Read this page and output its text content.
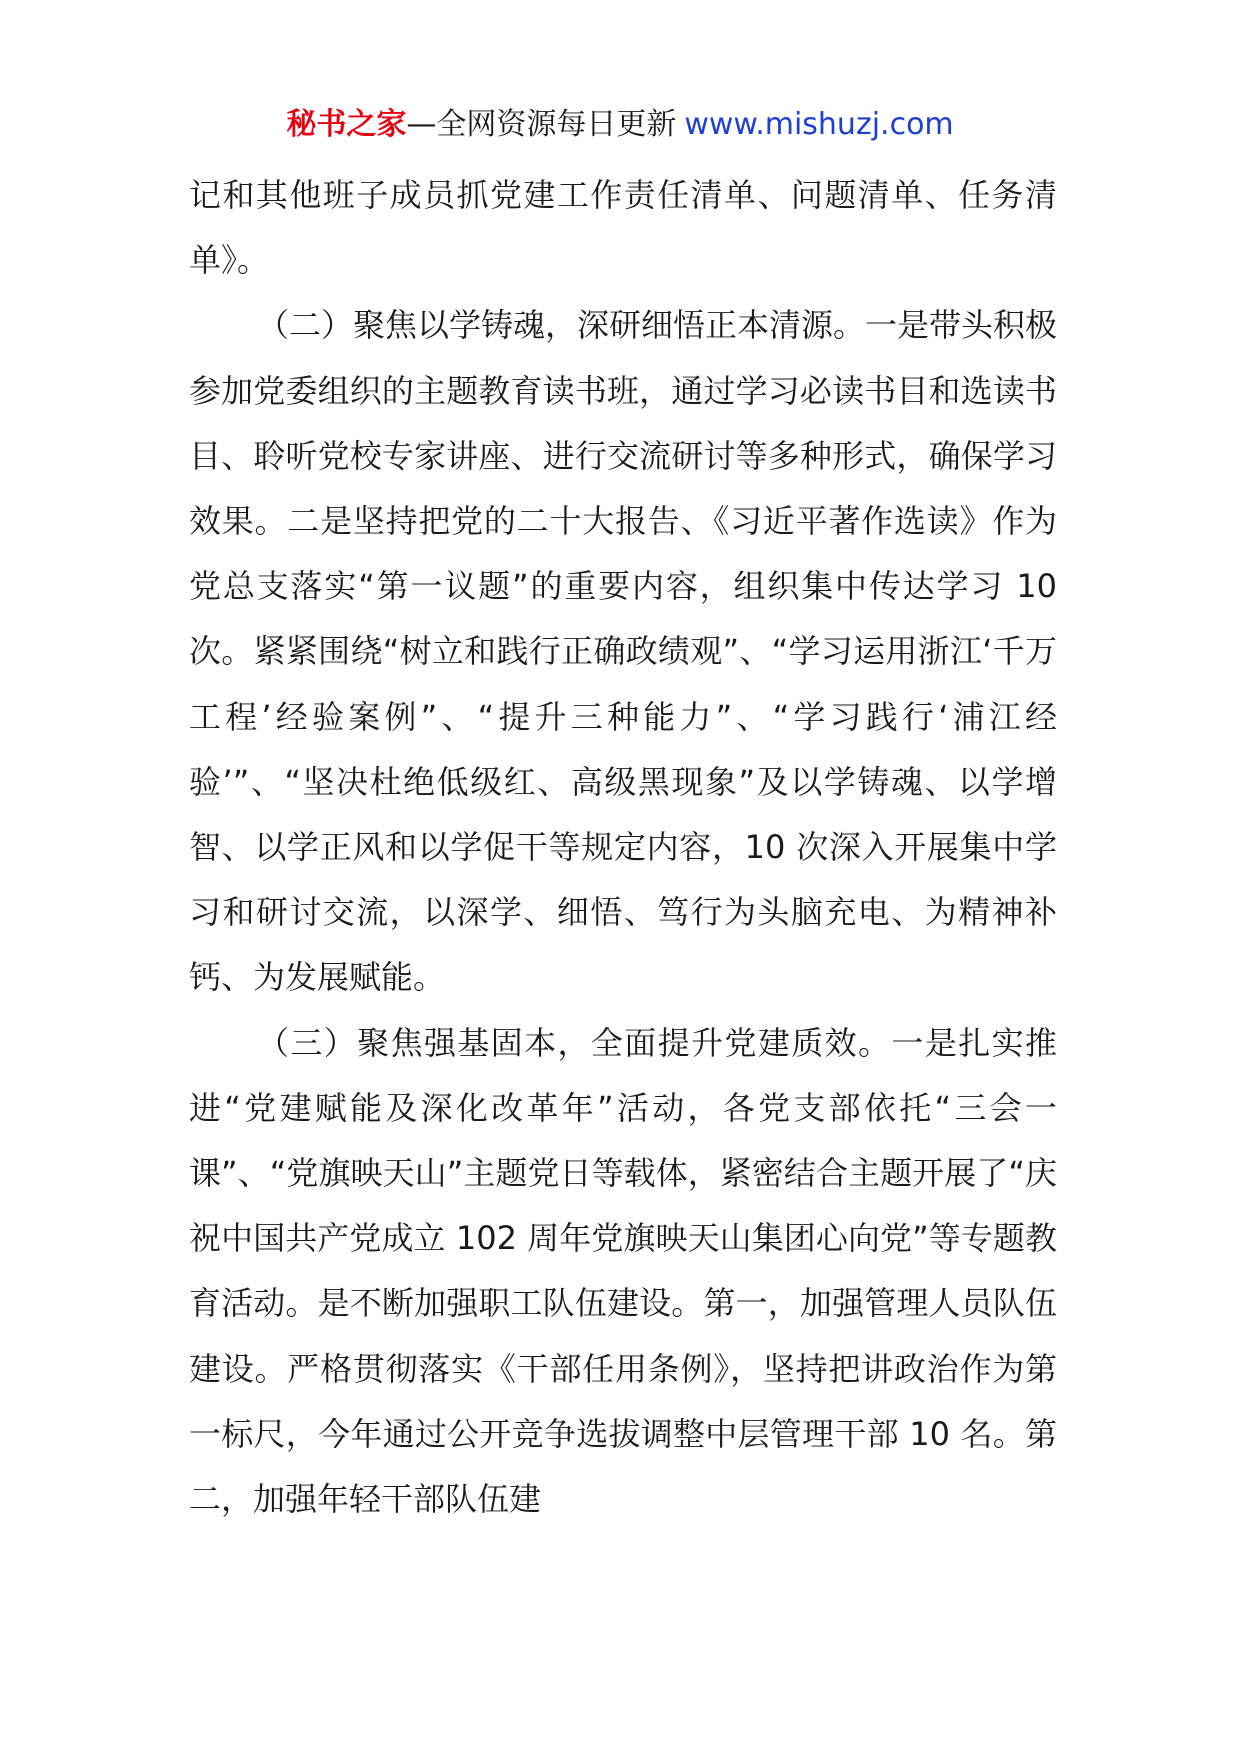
秘书之家—全网资源每日更新 www.mishuzj.com

记和其他班子成员抓党建工作责任清单、问题清单、任务清单》。

（二）聚焦以学铸魂，深研细悟正本清源。一是带头积极参加党委组织的主题教育读书班，通过学习必读书目和选读书目、聆听党校专家讲座、进行交流研讨等多种形式，确保学习效果。二是坚持把党的二十大报告、《习近平著作选读》作为党总支落实“第一议题”的重要内容，组织集中传达学习 10 次。紧紧围绕“树立和践行正确政绩观”、“学习运用浙江‘千万工程’经验案例”、“提升三种能力”、“学习践行‘浦江经验’”、“坚决杜绝低级红、高级黑现象”及以学铸魂、以学增智、以学正风和以学促干等规定内容，10 次深入开展集中学习和研讨交流，以深学、细悟、笃行为头脑充电、为精神补钙、为发展赋能。

（三）聚焦强基固本，全面提升党建质效。一是扎实推进“党建赋能及深化改革年”活动，各党支部依托“三会一课”、“党旗映天山”主题党日等载体，紧密结合主题开展了“庆祝中国共产党成立 102 周年党旗映天山集团心向党”等专题教育活动。是不断加强职工队伍建设。第一，加强管理人员队伍建设。严格贯彻落实《干部任用条例》，坚持把讲政治作为第一标尺，今年通过公开竞争选拔调整中层管理干部 10 名。第二，加强年轻干部队伍建
